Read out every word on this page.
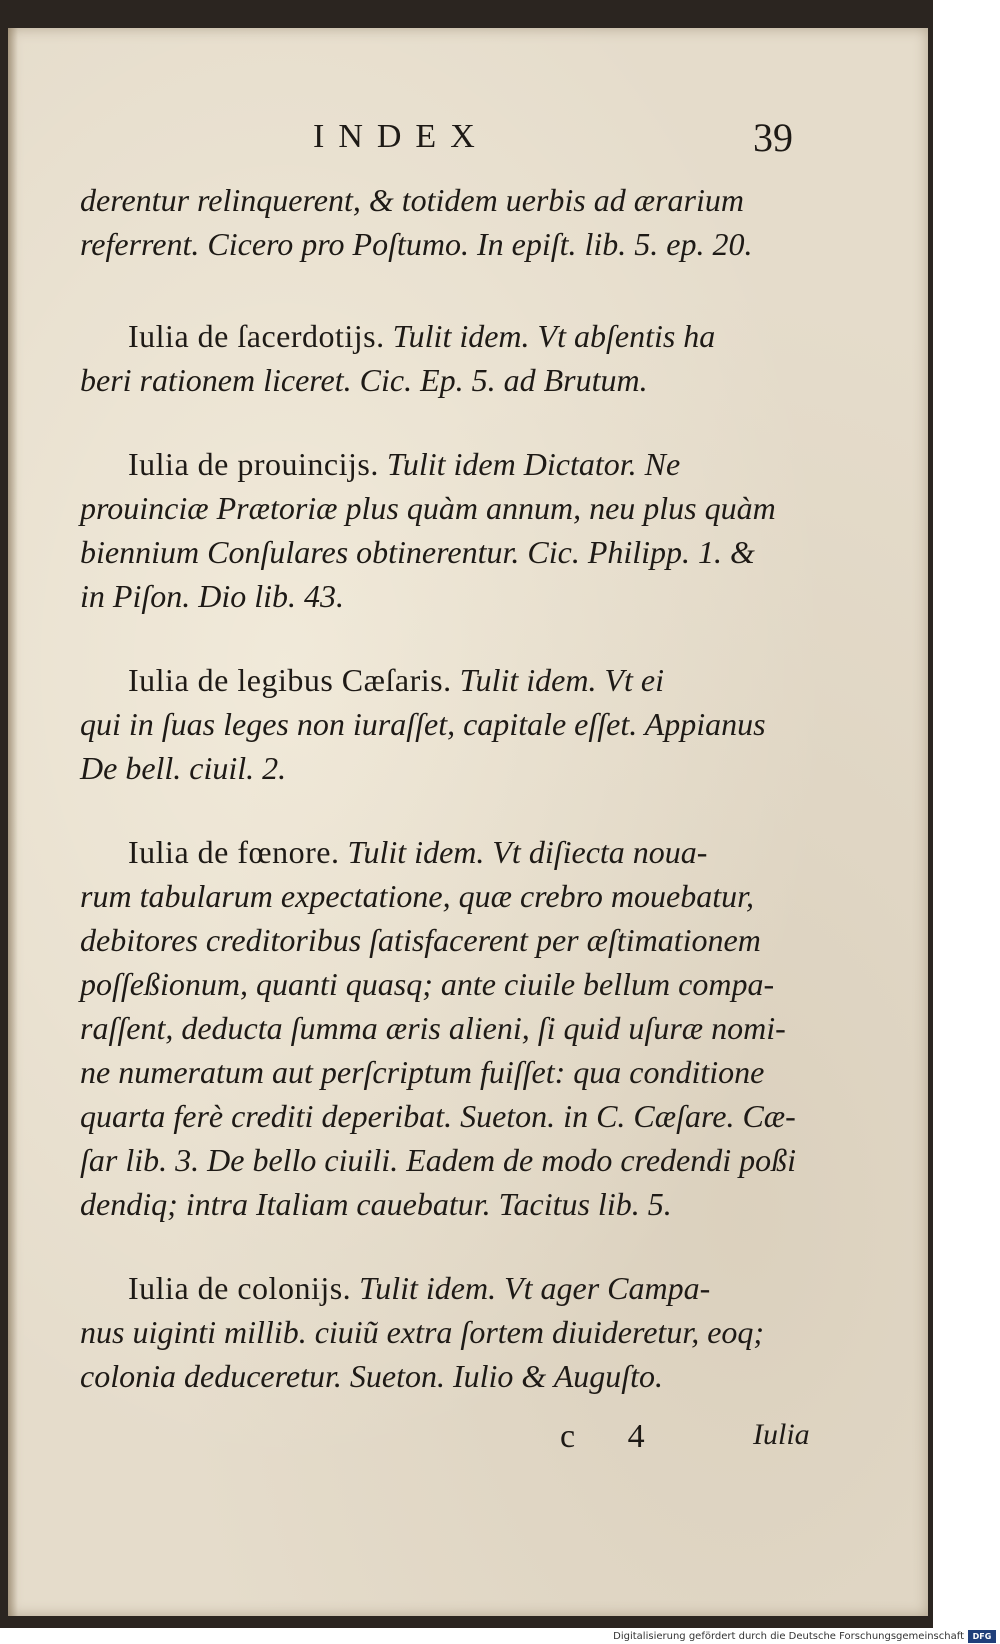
INDEX	39
derentur relinquerent, & totidem uerbis ad ærarium
referrent. Cicero pro Poſtumo. In epiſt. lib. 5. ep. 20.
Iulia de ſacerdotijs. Tulit idem. Vt abſentis ha
beri rationem liceret. Cic. Ep. 5. ad Brutum.
Iulia de prouincijs. Tulit idem Dictator. Ne
prouinciæ Prætoriæ plus quàm annum, neu plus quàm
biennium Conſulares obtinerentur. Cic. Philipp. 1. &
in Piſon. Dio lib. 43.
Iulia de legibus Cæſaris. Tulit idem. Vt ei
qui in ſuas leges non iuraſſet, capitale eſſet. Appianus
De bell. ciuil. 2.
Iulia de fœnore. Tulit idem. Vt diſiecta noua-
rum tabularum expectatione, quæ crebro mouebatur,
debitores creditoribus ſatisfacerent per æſtimationem
poſſeßionum, quanti quasq; ante ciuile bellum compa-
raſſent, deducta ſumma æris alieni, ſi quid uſuræ nomi-
ne numeratum aut perſcriptum fuiſſet: qua conditione
quarta ferè crediti deperibat. Sueton. in C. Cæſare. Cæ-
ſar lib. 3. De bello ciuili. Eadem de modo credendi poßi
dendiq; intra Italiam cauebatur. Tacitus lib. 5.
Iulia de colonijs. Tulit idem. Vt ager Campa-
nus uiginti millib. ciuiũ extra ſortem diuideretur, eoq;
colonia deduceretur. Sueton. Iulio & Auguſto.
c 4	Iulia
Digitalisierung gefördert durch die Deutsche Forschungsgemeinschaft	DFG
